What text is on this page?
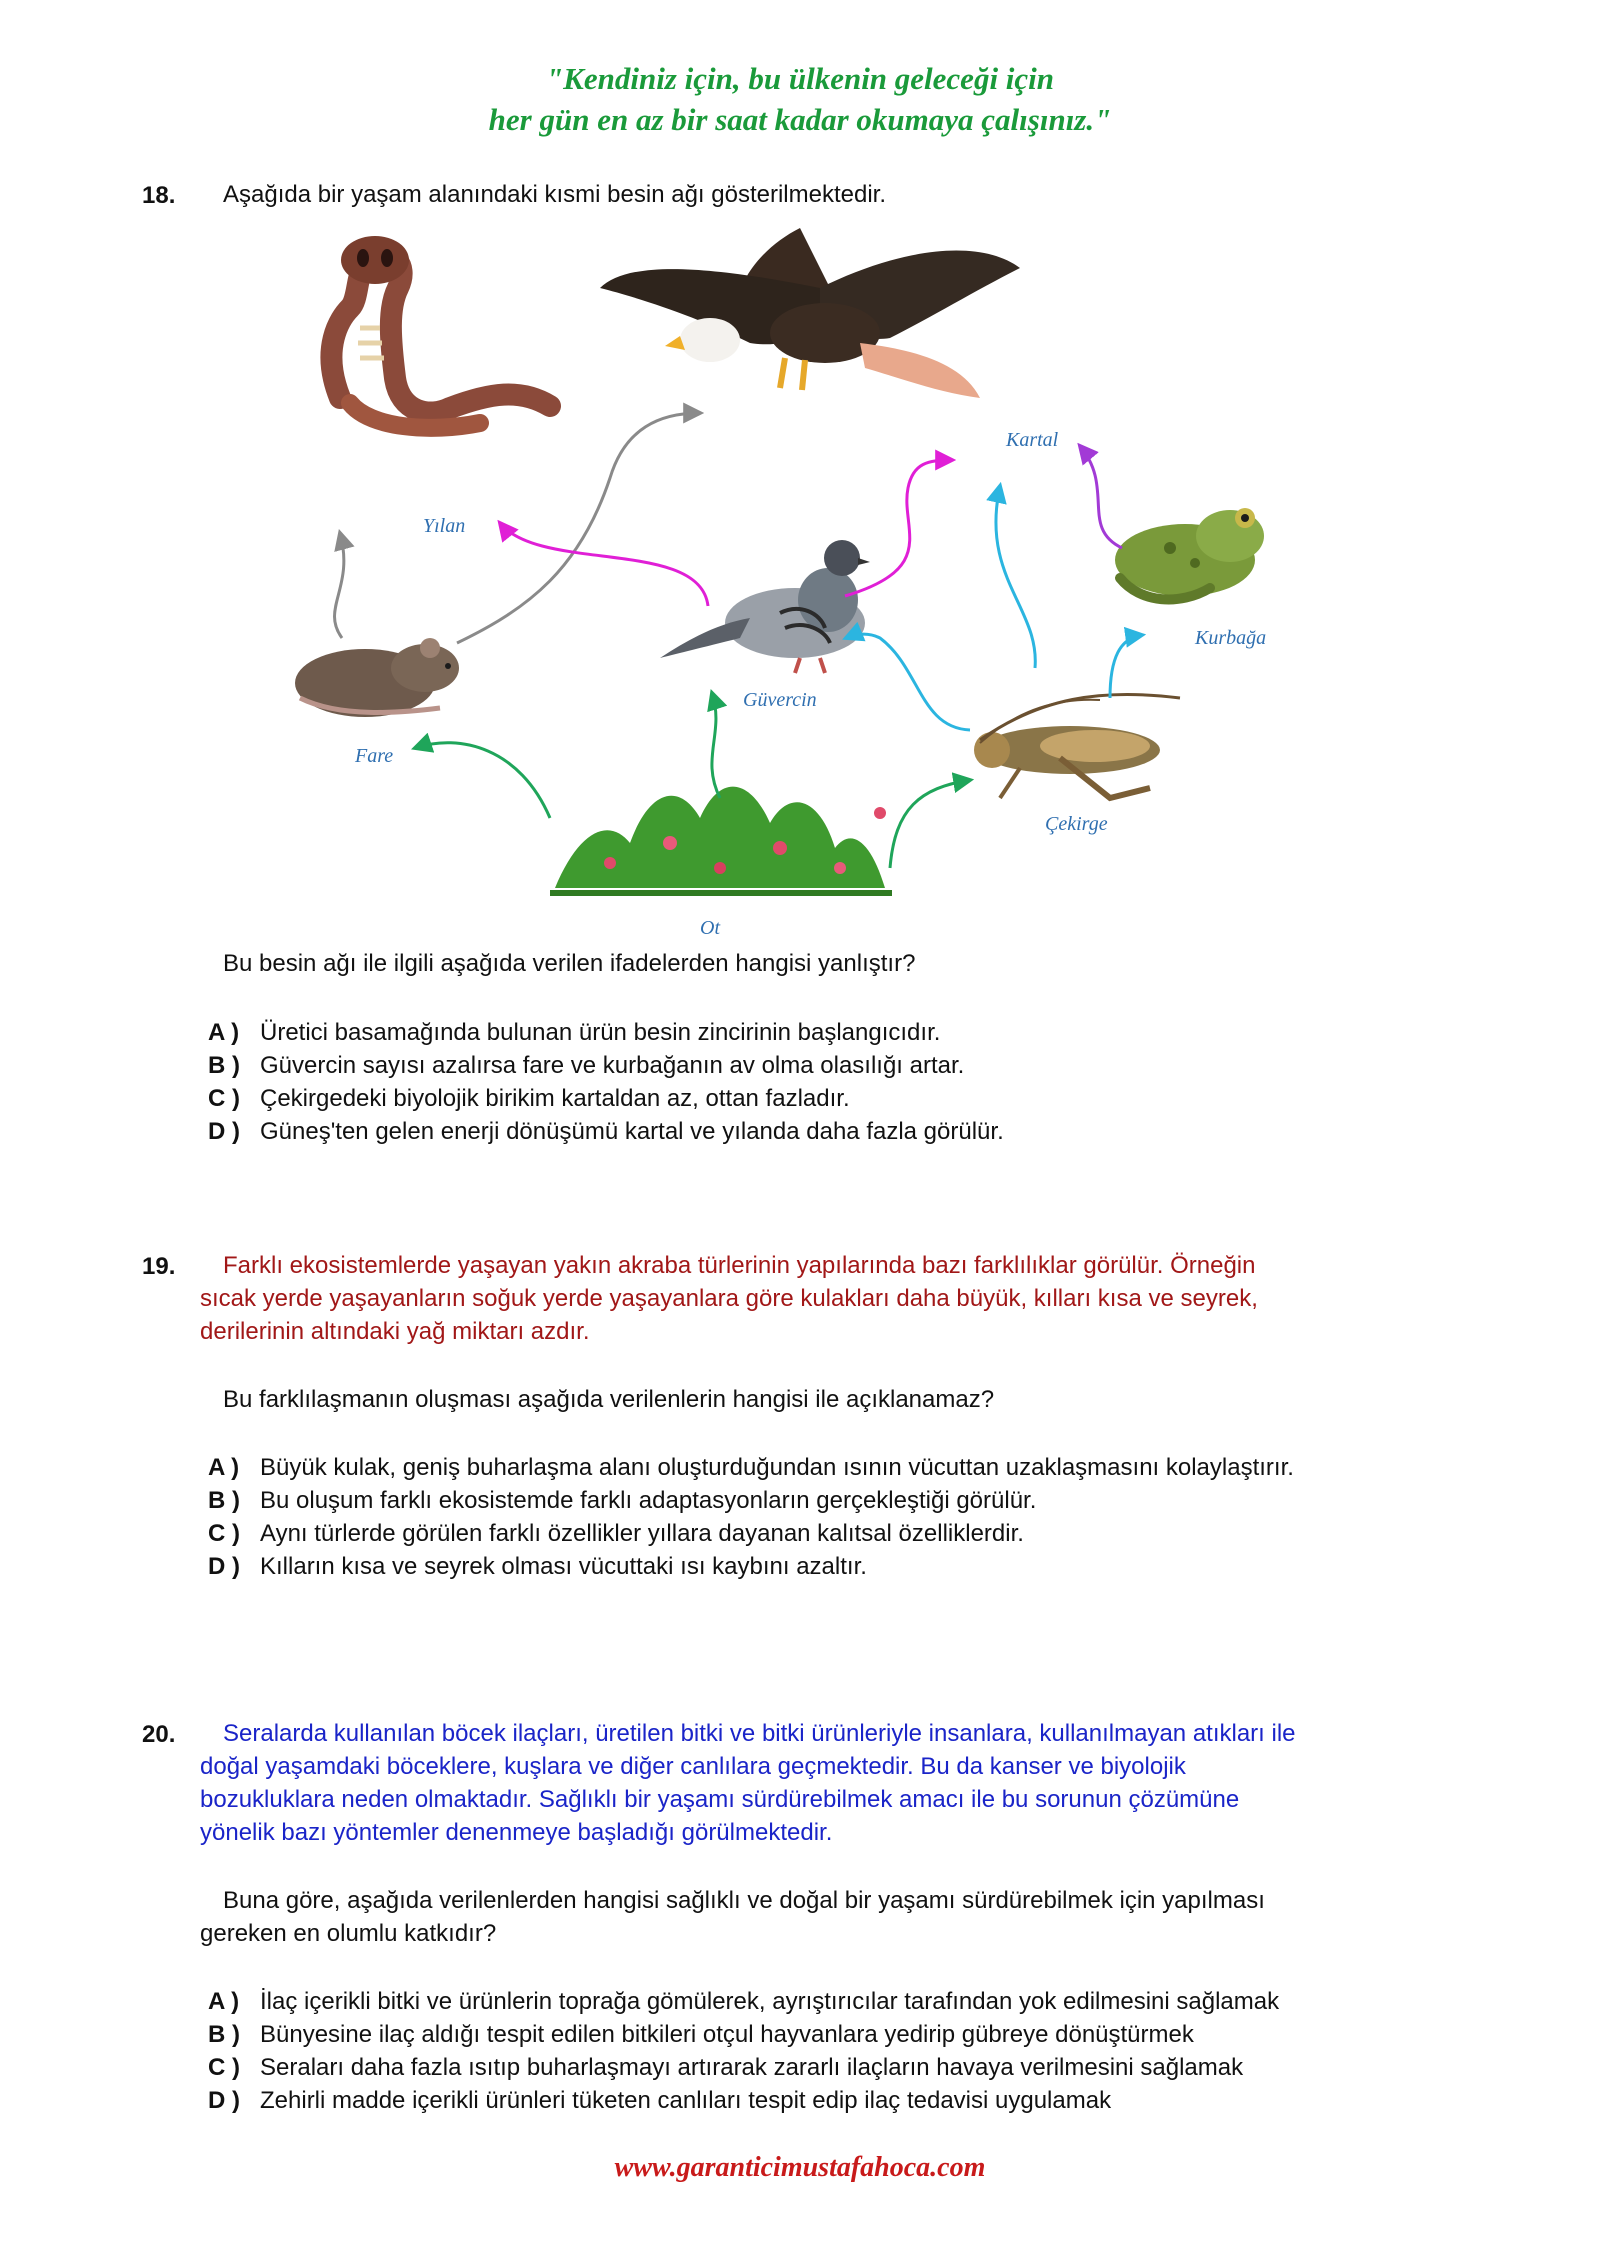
"Kendiniz için, bu ülkenin geleceği için
her gün en az bir saat kadar okumaya çalışınız."
18. Aşağıda bir yaşam alanındaki kısmi besin ağı gösterilmektedir.
Yılan
Kartal
Kurbağa
Fare
Güvercin
Çekirge
Ot
Bu besin ağı ile ilgili aşağıda verilen ifadelerden hangisi yanlıştır?
A ) Üretici basamağında bulunan ürün besin zincirinin başlangıcıdır.
B ) Güvercin sayısı azalırsa fare ve kurbağanın av olma olasılığı artar.
C ) Çekirgedeki biyolojik birikim kartaldan az, ottan fazladır.
D ) Güneş'ten gelen enerji dönüşümü kartal ve yılanda daha fazla görülür.
19. Farklı ekosistemlerde yaşayan yakın akraba türlerinin yapılarında bazı farklılıklar görülür. Örneğin
sıcak yerde yaşayanların soğuk yerde yaşayanlara göre kulakları daha büyük, kılları kısa ve seyrek,
derilerinin altındaki yağ miktarı azdır.
Bu farklılaşmanın oluşması aşağıda verilenlerin hangisi ile açıklanamaz?
A ) Büyük kulak, geniş buharlaşma alanı oluşturduğundan ısının vücuttan uzaklaşmasını kolaylaştırır.
B ) Bu oluşum farklı ekosistemde farklı adaptasyonların gerçekleştiği görülür.
C ) Aynı türlerde görülen farklı özellikler yıllara dayanan kalıtsal özelliklerdir.
D ) Kılların kısa ve seyrek olması vücuttaki ısı kaybını azaltır.
20. Seralarda kullanılan böcek ilaçları, üretilen bitki ve bitki ürünleriyle insanlara, kullanılmayan atıkları ile
doğal yaşamdaki böceklere, kuşlara ve diğer canlılara geçmektedir. Bu da kanser ve biyolojik
bozukluklara neden olmaktadır. Sağlıklı bir yaşamı sürdürebilmek amacı ile bu sorunun çözümüne
yönelik bazı yöntemler denenmeye başladığı görülmektedir.
Buna göre, aşağıda verilenlerden hangisi sağlıklı ve doğal bir yaşamı sürdürebilmek için yapılması
gereken en olumlu katkıdır?
A ) İlaç içerikli bitki ve ürünlerin toprağa gömülerek, ayrıştırıcılar tarafından yok edilmesini sağlamak
B ) Bünyesine ilaç aldığı tespit edilen bitkileri otçul hayvanlara yedirip gübreye dönüştürmek
C ) Seraları daha fazla ısıtıp buharlaşmayı artırarak zararlı ilaçların havaya verilmesini sağlamak
D ) Zehirli madde içerikli ürünleri tüketen canlıları tespit edip ilaç tedavisi uygulamak
www.garanticimustafahoca.com
